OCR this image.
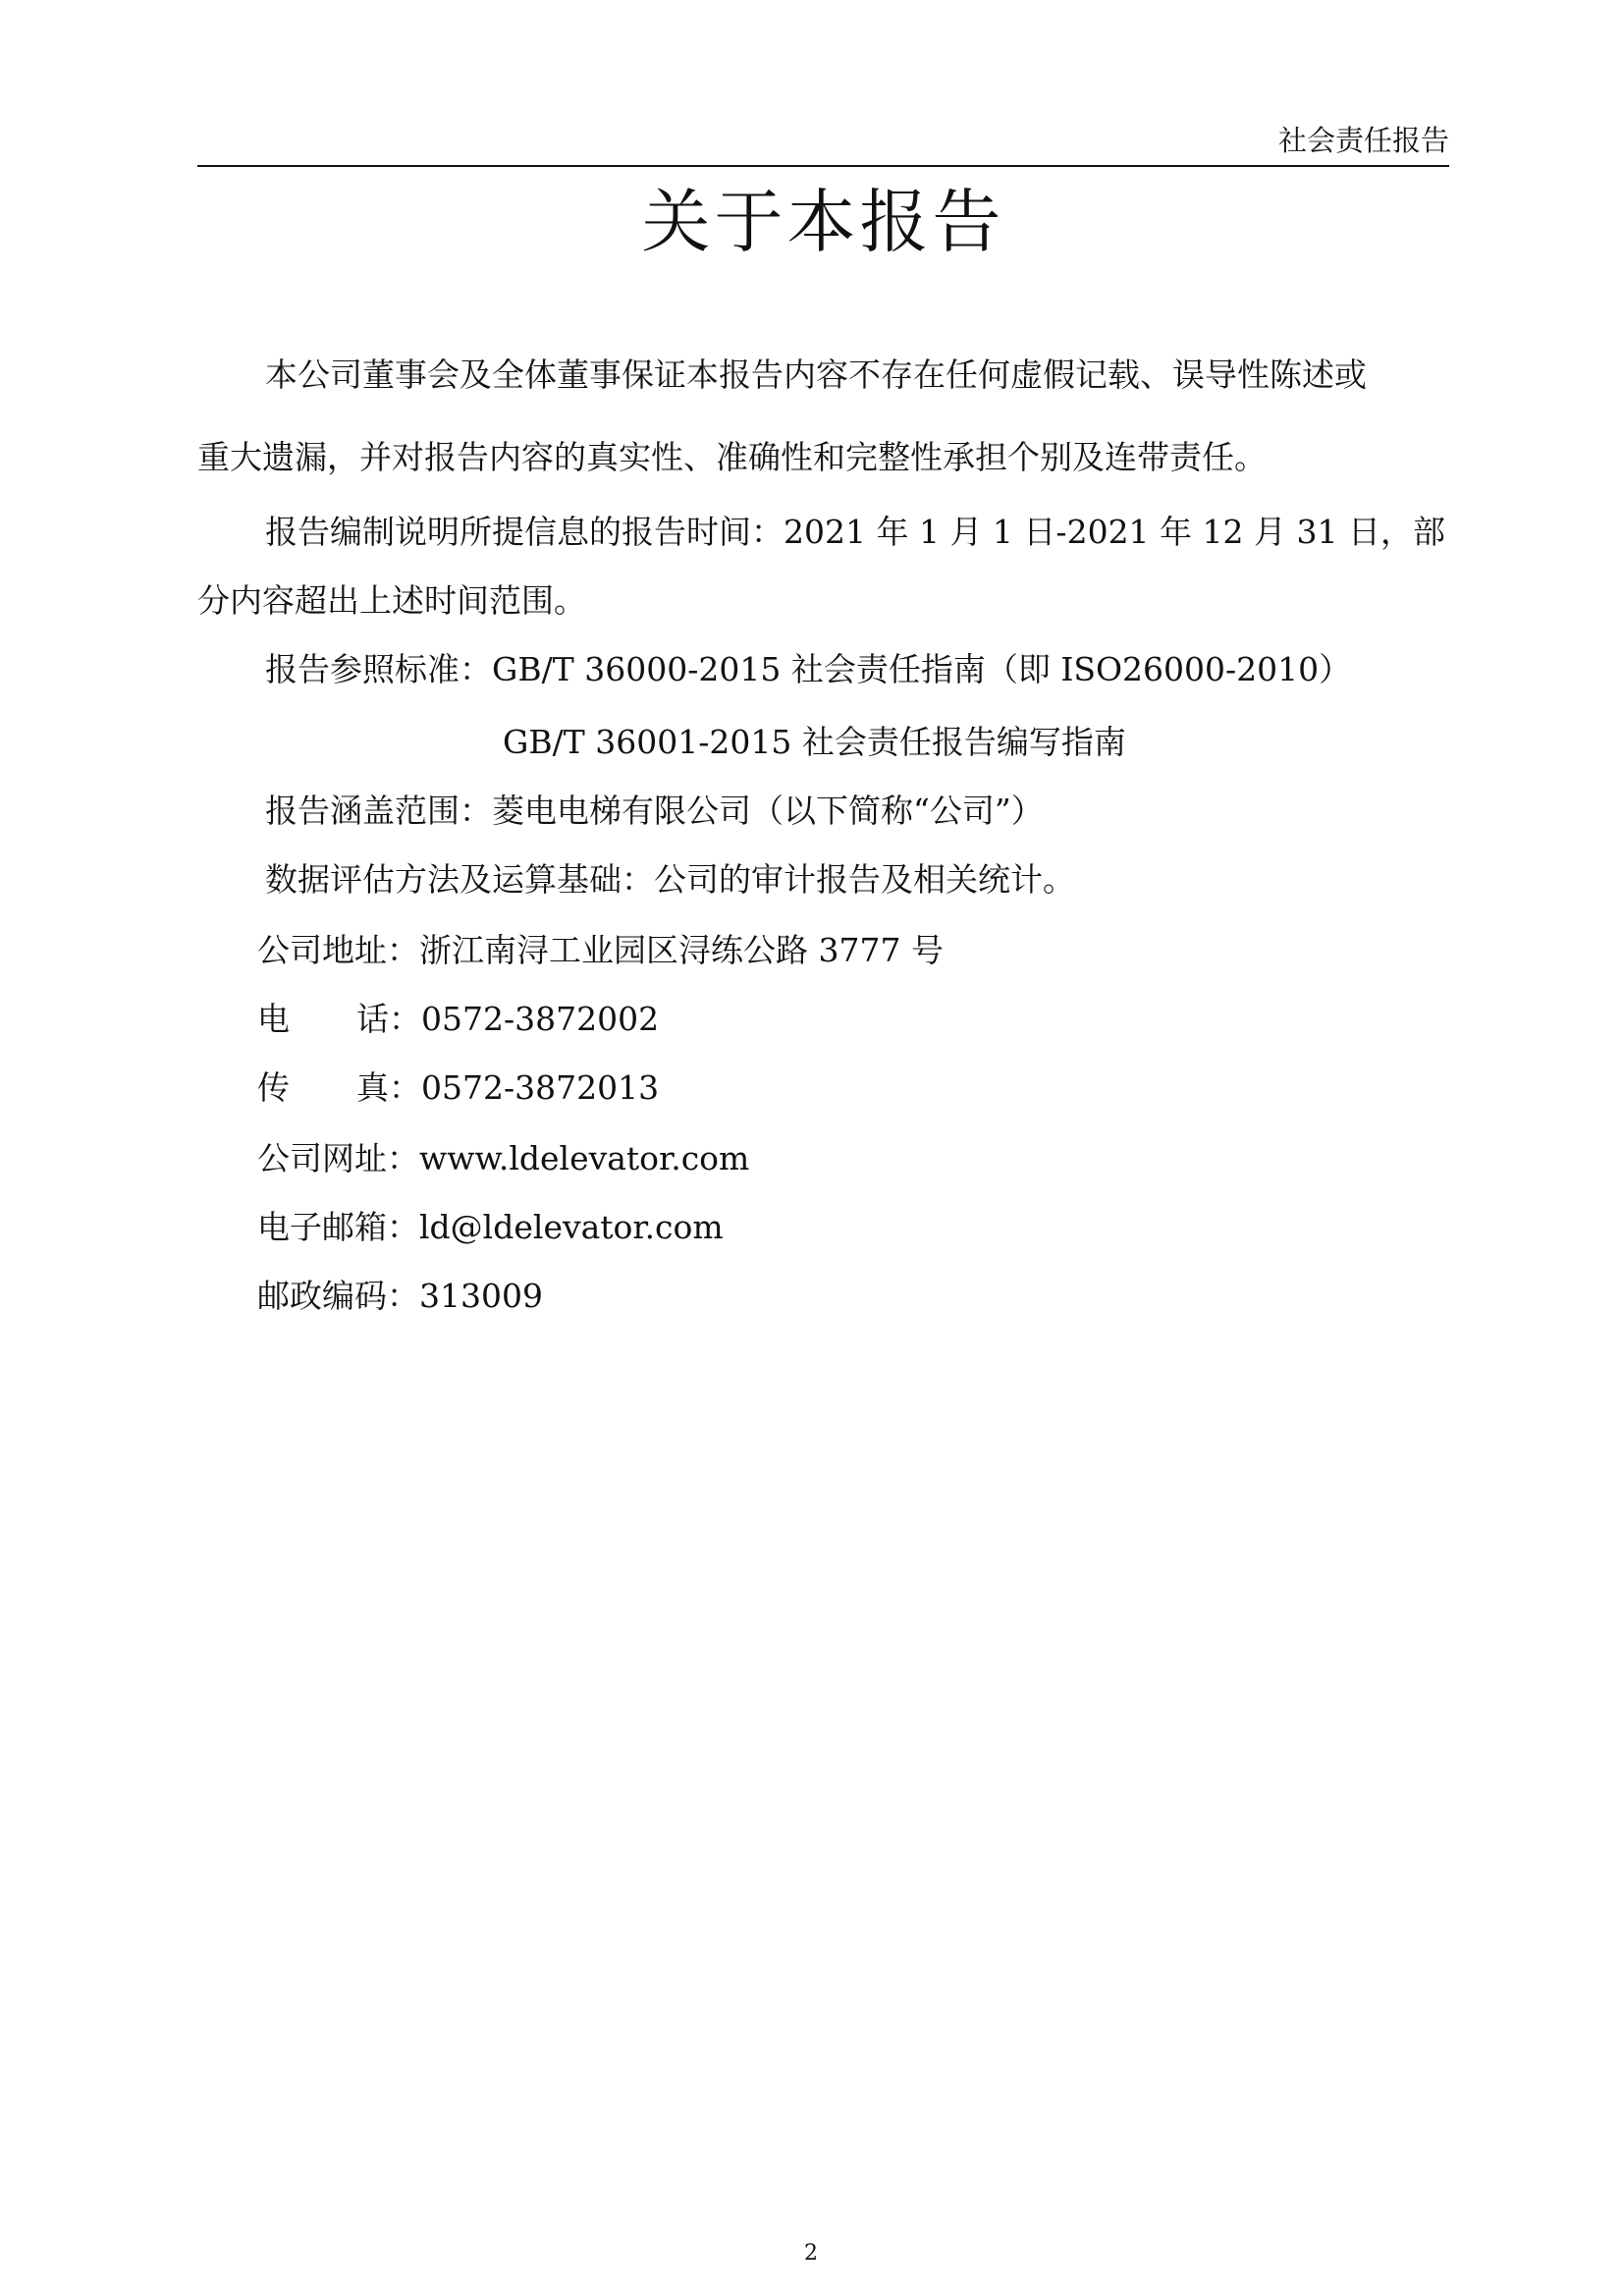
社会责任报告
关于本报告
本公司董事会及全体董事保证本报告内容不存在任何虚假记载、误导性陈述或
重大遗漏，并对报告内容的真实性、准确性和完整性承担个别及连带责任。
报告编制说明所提信息的报告时间：2021 年 1 月 1 日-2021 年 12 月 31 日，部
分内容超出上述时间范围。
报告参照标准：GB/T 36000-2015 社会责任指南（即 ISO26000-2010）
GB/T 36001-2015 社会责任报告编写指南
报告涵盖范围：菱电电梯有限公司（以下简称“公司”）
数据评估方法及运算基础：公司的审计报告及相关统计。
公司地址：浙江南浔工业园区浔练公路 3777 号
电话：0572-3872002
传真：0572-3872013
公司网址：www.ldelevator.com
电子邮箱：ld@ldelevator.com
邮政编码：313009
2
